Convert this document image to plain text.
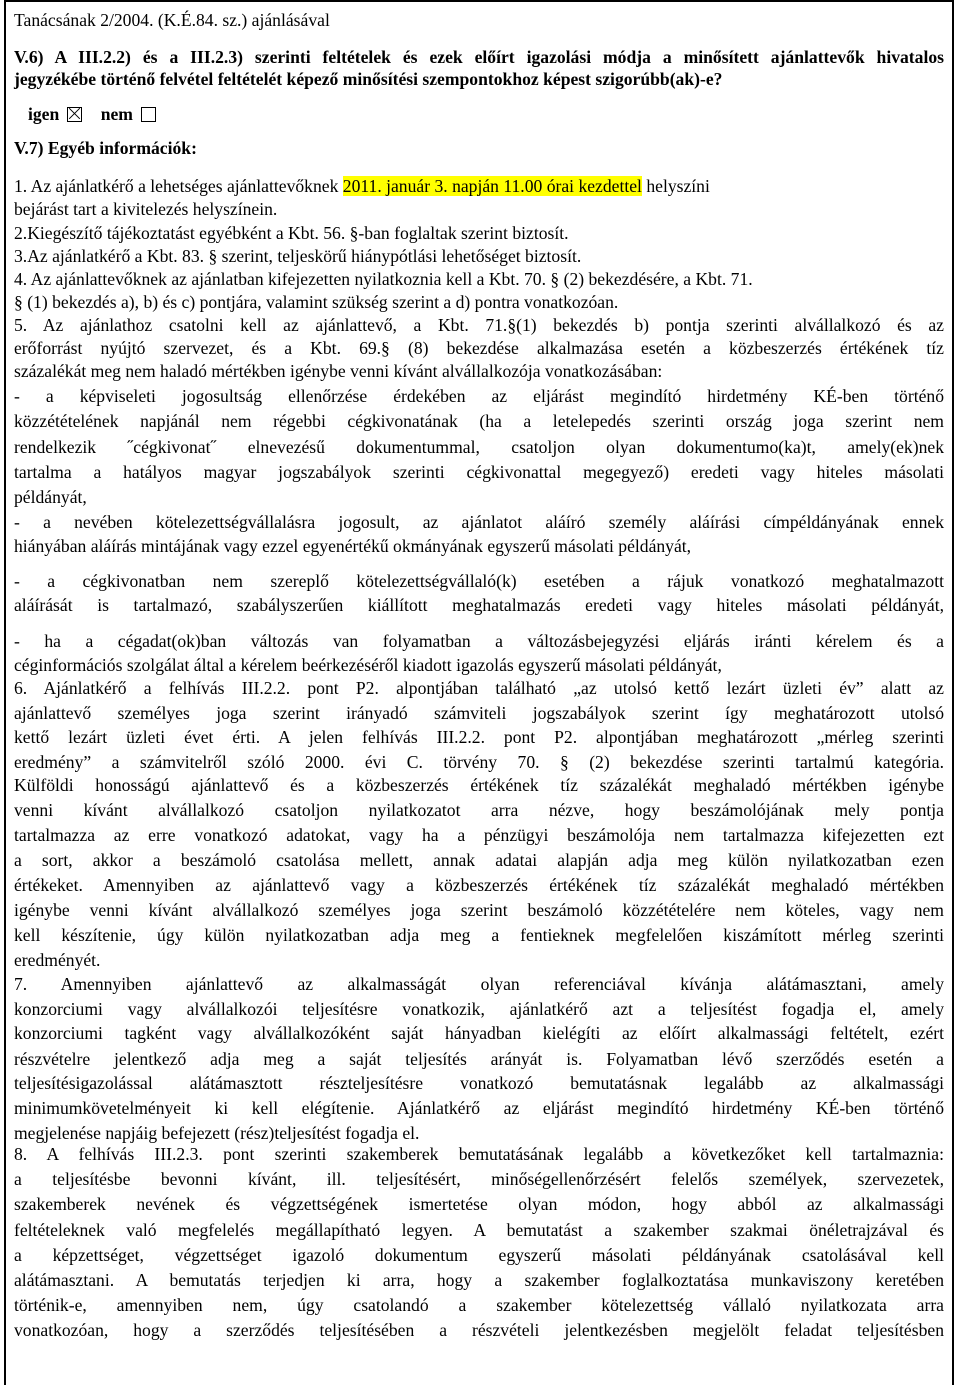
Tanácsának 2/2004. (K.É.84. sz.) ajánlásával
V.6) A III.2.2) és a III.2.3) szerinti feltételek és ezek előírt igazolási módja a minősített ajánlattevők hivatalos
jegyzékébe történő felvétel feltételét képező minősítési szempontokhoz képest szigorúbb(ak)-e?
igen nem
V.7) Egyéb információk:
1. Az ajánlatkérő a lehetséges ajánlattevőknek 2011. január 3. napján 11.00 órai kezdettel helyszíni
bejárást tart a kivitelezés helyszínein.
2.Kiegészítő tájékoztatást egyébként a Kbt. 56. §-ban foglaltak szerint biztosít.
3.Az ajánlatkérő a Kbt. 83. § szerint, teljeskörű hiánypótlási lehetőséget biztosít.
4. Az ajánlattevőknek az ajánlatban kifejezetten nyilatkoznia kell a Kbt. 70. § (2) bekezdésére, a Kbt. 71.
§ (1) bekezdés a), b) és c) pontjára, valamint szükség szerint a d) pontra vonatkozóan.
5. Az ajánlathoz csatolni kell az ajánlattevő, a Kbt. 71.§(1) bekezdés b) pontja szerinti alvállalkozó és az
erőforrást nyújtó szervezet, és a Kbt. 69.§ (8) bekezdése alkalmazása esetén a közbeszerzés értékének tíz
százalékát meg nem haladó mértékben igénybe venni kívánt alvállalkozója vonatkozásában:
- a képviseleti jogosultság ellenőrzése érdekében az eljárást megindító hirdetmény KÉ-ben történő
közzétételének napjánál nem régebbi cégkivonatának (ha a letelepedés szerinti ország joga szerint nem
rendelkezik ˝cégkivonat˝ elnevezésű dokumentummal, csatoljon olyan dokumentumo(ka)t, amely(ek)nek
tartalma a hatályos magyar jogszabályok szerinti cégkivonattal megegyező) eredeti vagy hiteles másolati
példányát,
- a nevében kötelezettségvállalásra jogosult, az ajánlatot aláíró személy aláírási címpéldányának ennek
hiányában aláírás mintájának vagy ezzel egyenértékű okmányának egyszerű másolati példányát,
- a cégkivonatban nem szereplő kötelezettségvállaló(k) esetében a rájuk vonatkozó meghatalmazott
aláírását is tartalmazó, szabályszerűen kiállított meghatalmazás eredeti vagy hiteles másolati példányát,
- ha a cégadat(ok)ban változás van folyamatban a változásbejegyzési eljárás iránti kérelem és a
céginformációs szolgálat által a kérelem beérkezéséről kiadott igazolás egyszerű másolati példányát,
6. Ajánlatkérő a felhívás III.2.2. pont P2. alpontjában található „az utolsó kettő lezárt üzleti év” alatt az
ajánlattevő személyes joga szerint irányadó számviteli jogszabályok szerint így meghatározott utolsó
kettő lezárt üzleti évet érti. A jelen felhívás III.2.2. pont P2. alpontjában meghatározott „mérleg szerinti
eredmény” a számvitelről szóló 2000. évi C. törvény 70. § (2) bekezdése szerinti tartalmú kategória.
Külföldi honosságú ajánlattevő és a közbeszerzés értékének tíz százalékát meghaladó mértékben igénybe
venni kívánt alvállalkozó csatoljon nyilatkozatot arra nézve, hogy beszámolójának mely pontja
tartalmazza az erre vonatkozó adatokat, vagy ha a pénzügyi beszámolója nem tartalmazza kifejezetten ezt
a sort, akkor a beszámoló csatolása mellett, annak adatai alapján adja meg külön nyilatkozatban ezen
értékeket. Amennyiben az ajánlattevő vagy a közbeszerzés értékének tíz százalékát meghaladó mértékben
igénybe venni kívánt alvállalkozó személyes joga szerint beszámoló közzétételére nem köteles, vagy nem
kell készítenie, úgy külön nyilatkozatban adja meg a fentieknek megfelelően kiszámított mérleg szerinti
eredményét.
7. Amennyiben ajánlattevő az alkalmasságát olyan referenciával kívánja alátámasztani, amely
konzorciumi vagy alvállalkozói teljesítésre vonatkozik, ajánlatkérő azt a teljesítést fogadja el, amely
konzorciumi tagként vagy alvállalkozóként saját hányadban kielégíti az előírt alkalmassági feltételt, ezért
részvételre jelentkező adja meg a saját teljesítés arányát is. Folyamatban lévő szerződés esetén a
teljesítésigazolással alátámasztott részteljesítésre vonatkozó bemutatásnak legalább az alkalmassági
minimumkövetelményeit ki kell elégítenie. Ajánlatkérő az eljárást megindító hirdetmény KÉ-ben történő
megjelenése napjáig befejezett (rész)teljesítést fogadja el.
8. A felhívás III.2.3. pont szerinti szakemberek bemutatásának legalább a következőket kell tartalmaznia:
a teljesítésbe bevonni kívánt, ill. teljesítésért, minőségellenőrzésért felelős személyek, szervezetek,
szakemberek nevének és végzettségének ismertetése olyan módon, hogy abból az alkalmassági
feltételeknek való megfelelés megállapítható legyen. A bemutatást a szakember szakmai önéletrajzával és
a képzettséget, végzettséget igazoló dokumentum egyszerű másolati példányának csatolásával kell
alátámasztani. A bemutatás terjedjen ki arra, hogy a szakember foglalkoztatása munkaviszony keretében
történik-e, amennyiben nem, úgy csatolandó a szakember kötelezettség vállaló nyilatkozata arra
vonatkozóan, hogy a szerződés teljesítésében a részvételi jelentkezésben megjelölt feladat teljesítésben
